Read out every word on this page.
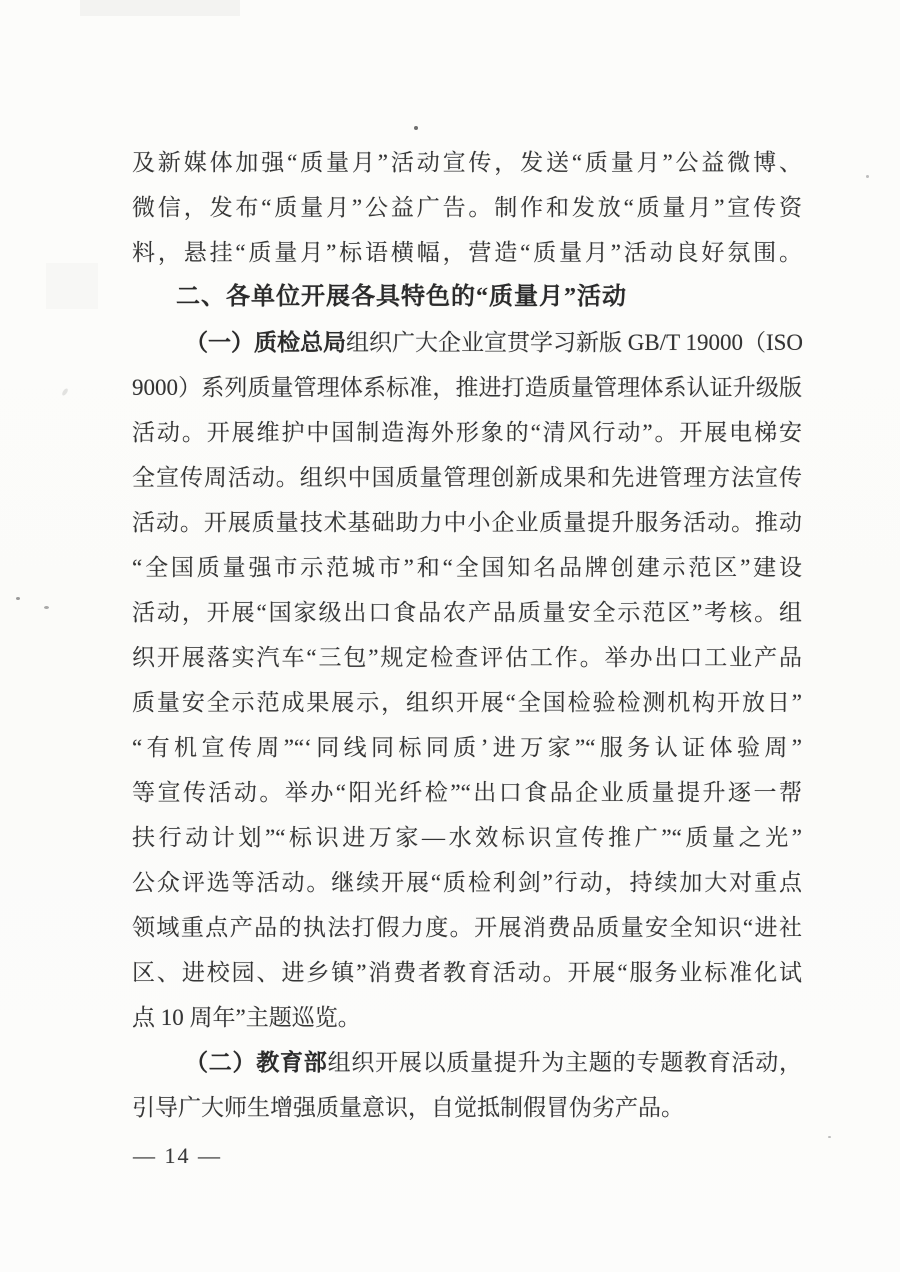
及新媒体加强“质量月”活动宣传，发送“质量月”公益微博、
微信，发布“质量月”公益广告。制作和发放“质量月”宣传资
料，悬挂“质量月”标语横幅，营造“质量月”活动良好氛围。
二、各单位开展各具特色的“质量月”活动
（一）质检总局组织广大企业宣贯学习新版 GB/T 19000（ISO
9000）系列质量管理体系标准，推进打造质量管理体系认证升级版
活动。开展维护中国制造海外形象的“清风行动”。开展电梯安
全宣传周活动。组织中国质量管理创新成果和先进管理方法宣传
活动。开展质量技术基础助力中小企业质量提升服务活动。推动
“全国质量强市示范城市”和“全国知名品牌创建示范区”建设
活动，开展“国家级出口食品农产品质量安全示范区”考核。组
织开展落实汽车“三包”规定检查评估工作。举办出口工业产品
质量安全示范成果展示，组织开展“全国检验检测机构开放日”
“有机宣传周”“‘同线同标同质’进万家”“服务认证体验周”
等宣传活动。举办“阳光纤检”“出口食品企业质量提升逐一帮
扶行动计划”“标识进万家—水效标识宣传推广”“质量之光”
公众评选等活动。继续开展“质检利剑”行动，持续加大对重点
领域重点产品的执法打假力度。开展消费品质量安全知识“进社
区、进校园、进乡镇”消费者教育活动。开展“服务业标准化试
点 10 周年”主题巡览。
（二）教育部组织开展以质量提升为主题的专题教育活动，
引导广大师生增强质量意识，自觉抵制假冒伪劣产品。
— 14 —
